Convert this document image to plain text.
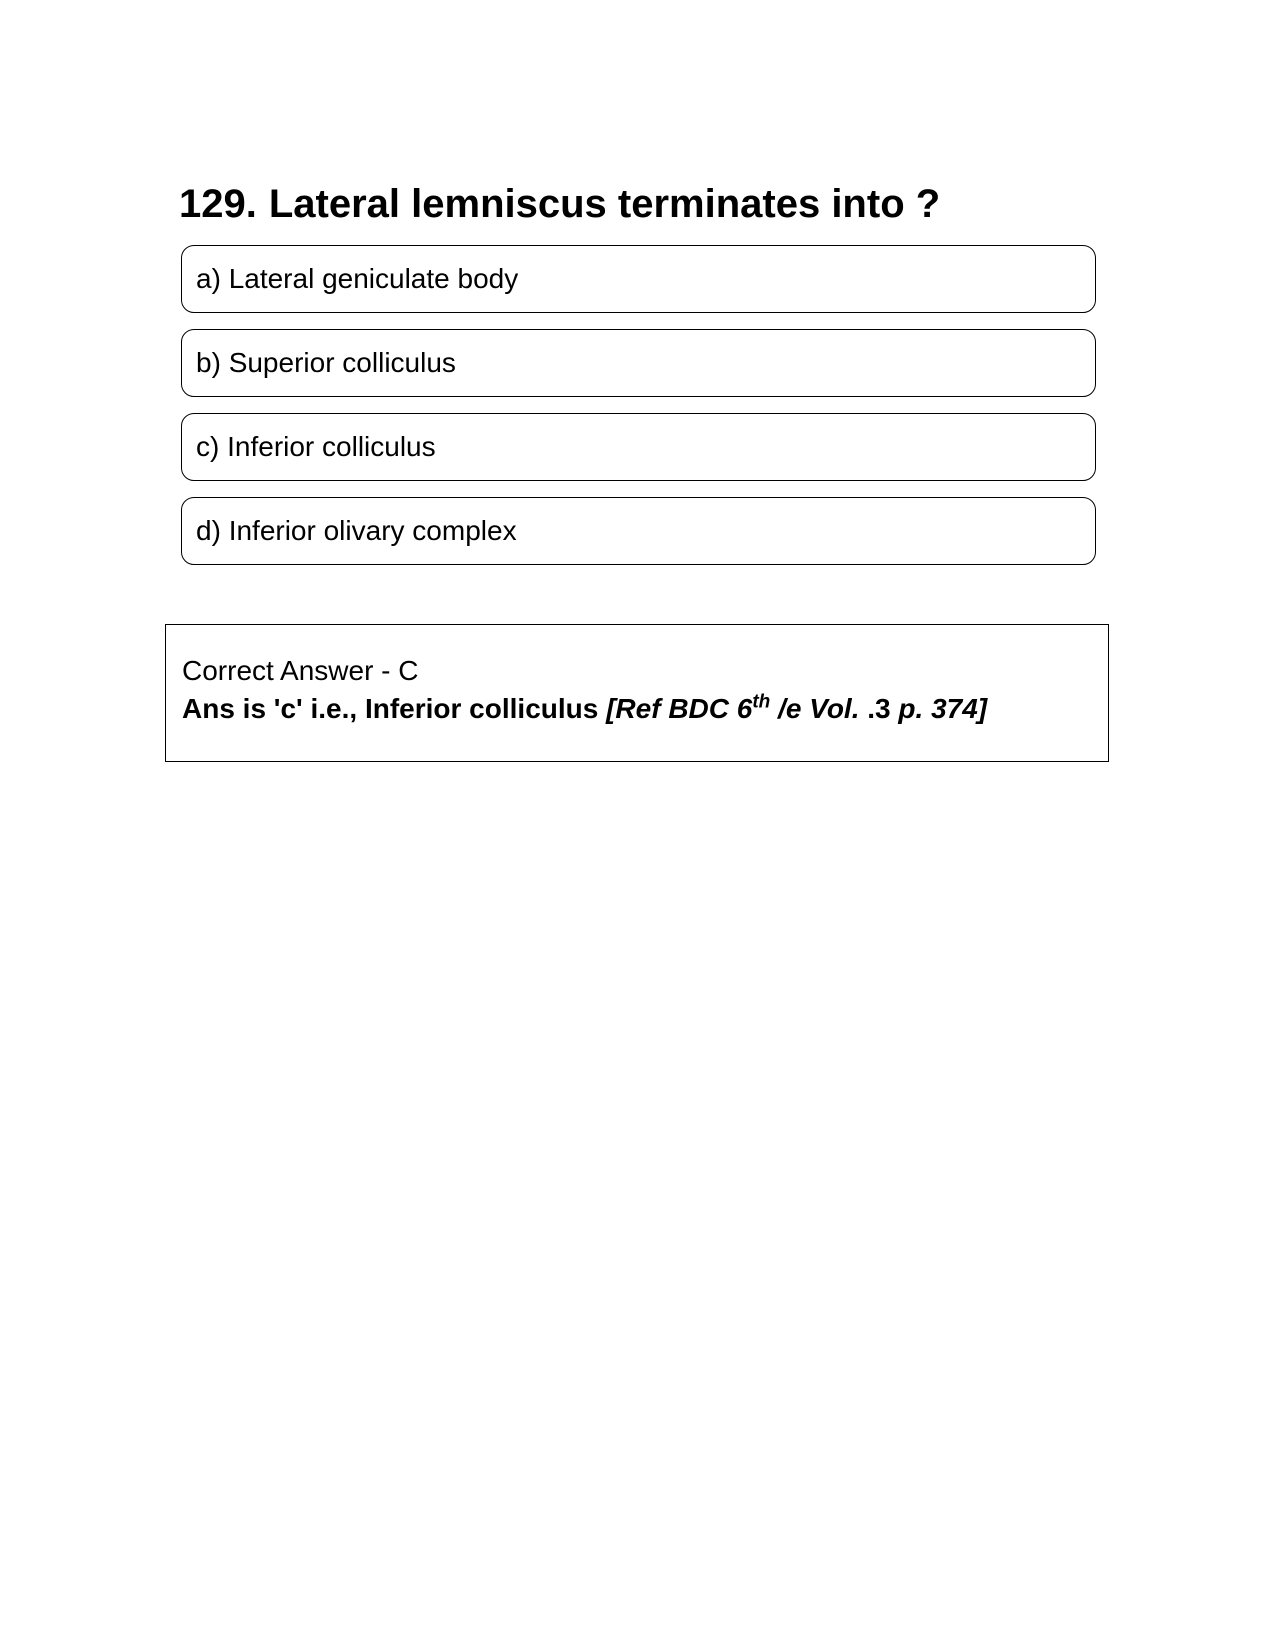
129. Lateral lemniscus terminates into ?
a) Lateral geniculate body
b) Superior colliculus
c) Inferior colliculus
d) Inferior olivary complex
Correct Answer - C
Ans is 'c' i.e., Inferior colliculus [Ref BDC 6th /e Vol. .3 p. 374]
